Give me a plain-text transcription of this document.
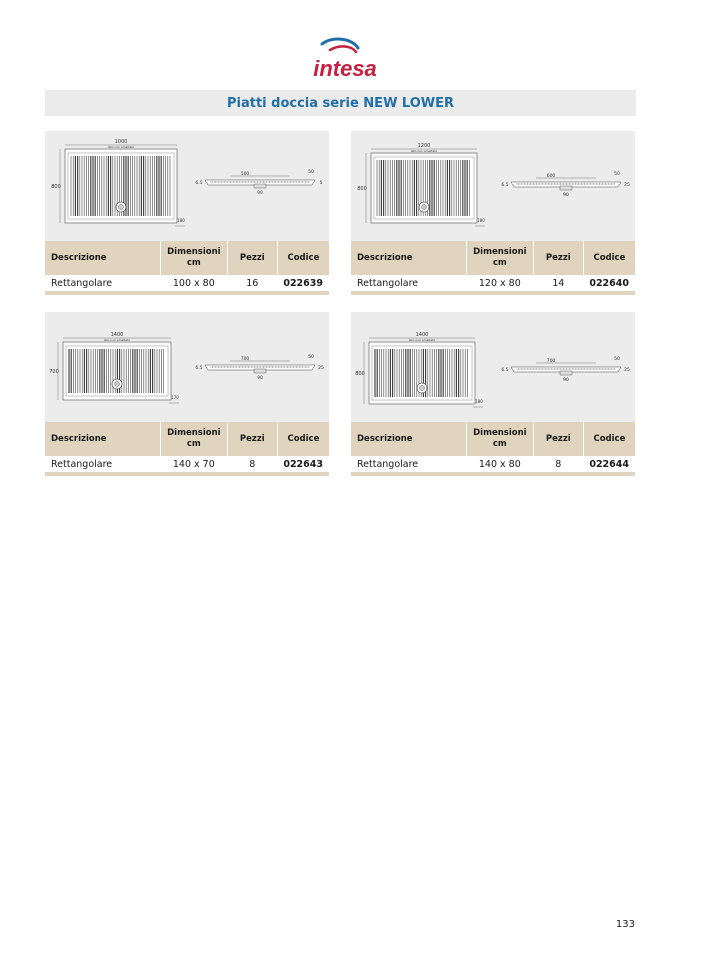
intesa
Piatti doccia serie NEW LOWER
1000
lato non smaltato
800
180
500
90
6.5
50
5
Descrizione	Dimensioni cm	Pezzi	Codice
Rettangolare	100 x 80	16	022639
1200
lato non smaltato
800
180
600
90
6.5
50
25
Descrizione	Dimensioni cm	Pezzi	Codice
Rettangolare	120 x 80	14	022640
1400
lato non smaltato
700
170
700
90
6.5
50
25
Descrizione	Dimensioni cm	Pezzi	Codice
Rettangolare	140 x 70	8	022643
1400
lato non smaltato
800
180
700
90
6.5
50
25
Descrizione	Dimensioni cm	Pezzi	Codice
Rettangolare	140 x 80	8	022644
133
